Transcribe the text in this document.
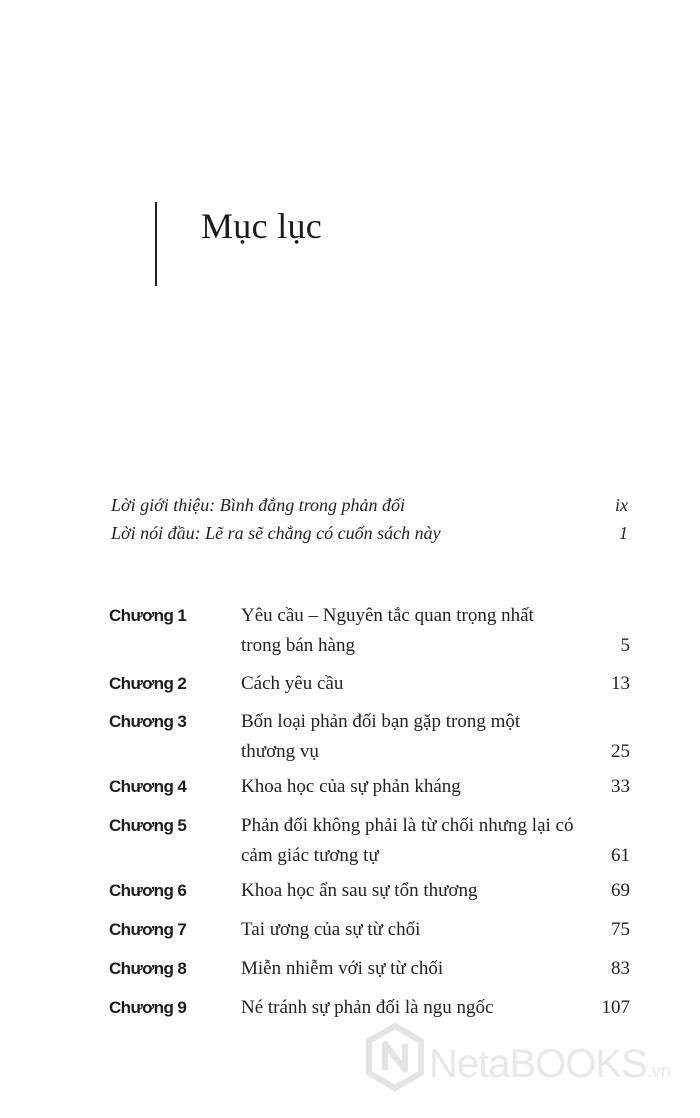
Mục lục
Lời giới thiệu: Bình đẳng trong phản đối	ix
Lời nói đầu: Lẽ ra sẽ chẳng có cuốn sách này	1
Chương 1	Yêu cầu – Nguyên tắc quan trọng nhất
trong bán hàng	5
Chương 2	Cách yêu cầu	13
Chương 3	Bốn loại phản đối bạn gặp trong một
thương vụ	25
Chương 4	Khoa học của sự phản kháng	33
Chương 5	Phản đối không phải là từ chối nhưng lại có
cảm giác tương tự	61
Chương 6	Khoa học ẩn sau sự tổn thương	69
Chương 7	Tai ương của sự từ chối	75
Chương 8	Miễn nhiễm với sự từ chối	83
Chương 9	Né tránh sự phản đối là ngu ngốc	107
NetaBOOKS.vn
